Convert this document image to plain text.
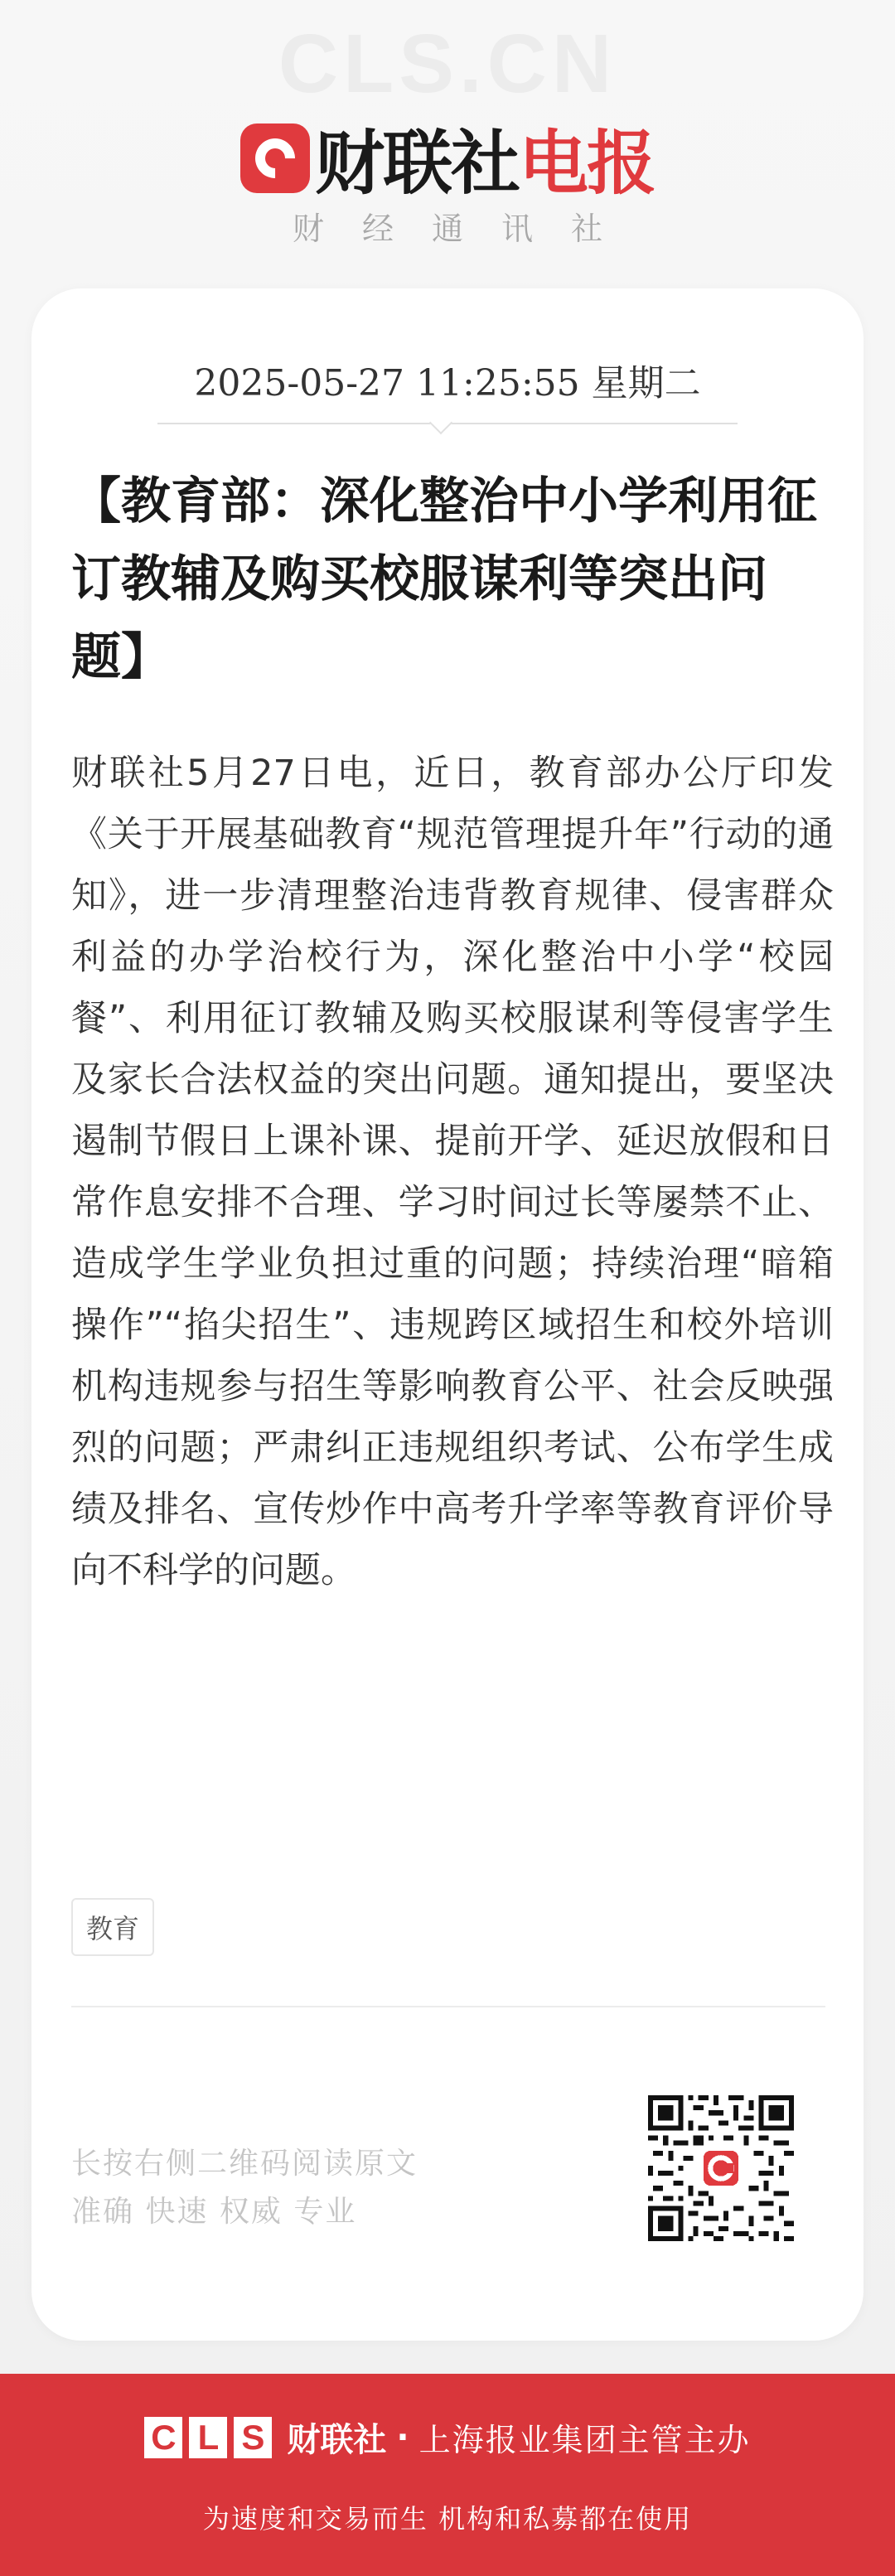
CLS.CN
财联社 电报
财经通讯社
2025-05-27 11:25:55 星期二
【教育部：深化整治中小学利用征订教辅及购买校服谋利等突出问题】
财联社5月27日电，近日，教育部办公厅印发《关于开展基础教育“规范管理提升年”行动的通知》，进一步清理整治违背教育规律、侵害群众利益的办学治校行为，深化整治中小学“校园餐”、利用征订教辅及购买校服谋利等侵害学生及家长合法权益的突出问题。通知提出，要坚决遏制节假日上课补课、提前开学、延迟放假和日常作息安排不合理、学习时间过长等屡禁不止、造成学生学业负担过重的问题；持续治理“暗箱操作”“掐尖招生”、违规跨区域招生和校外培训机构违规参与招生等影响教育公平、社会反映强烈的问题；严肃纠正违规组织考试、公布学生成绩及排名、宣传炒作中高考升学率等教育评价导向不科学的问题。
教育
长按右侧二维码阅读原文
准确 快速 权威 专业
C L S 财联社 · 上海报业集团主管主办
为速度和交易而生 机构和私募都在使用
